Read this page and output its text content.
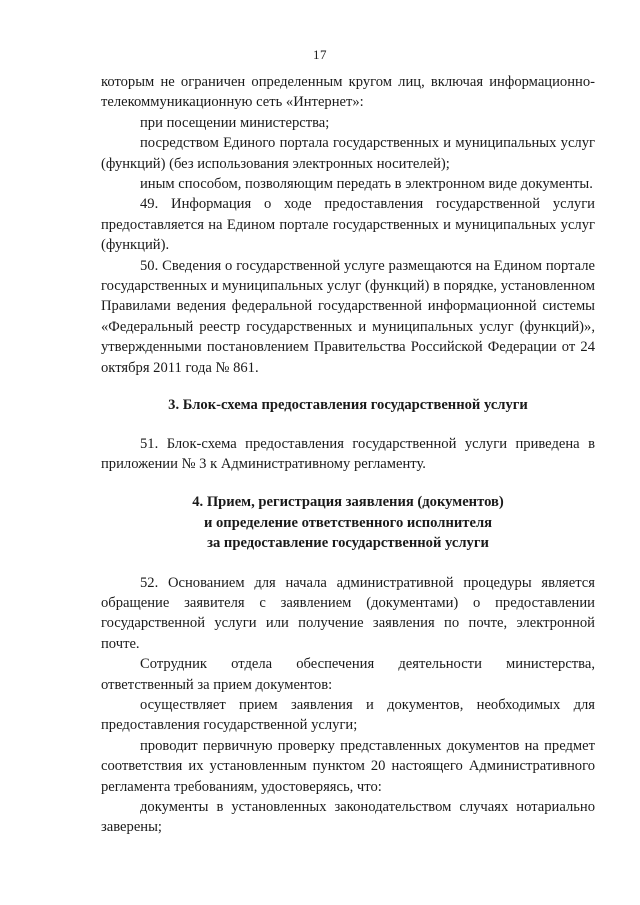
17

которым не ограничен определенным кругом лиц, включая информационно-телекоммуникационную сеть «Интернет»:

при посещении министерства;

посредством Единого портала государственных и муниципальных услуг (функций) (без использования электронных носителей);

иным способом, позволяющим передать в электронном виде документы.

49. Информация о ходе предоставления государственной услуги предоставляется на Едином портале государственных и муниципальных услуг (функций).

50. Сведения о государственной услуге размещаются на Едином портале государственных и муниципальных услуг (функций) в порядке, установленном Правилами ведения федеральной государственной информационной системы «Федеральный реестр государственных и муниципальных услуг (функций)», утвержденными постановлением Правительства Российской Федерации от 24 октября 2011 года № 861.

3. Блок-схема предоставления государственной услуги

51. Блок-схема предоставления государственной услуги приведена в приложении № 3 к Административному регламенту.

4. Прием, регистрация заявления (документов)
и определение ответственного исполнителя
за предоставление государственной услуги

52. Основанием для начала административной процедуры является обращение заявителя с заявлением (документами) о предоставлении государственной услуги или получение заявления по почте, электронной почте.

Сотрудник отдела обеспечения деятельности министерства, ответственный за прием документов:

осуществляет прием заявления и документов, необходимых для предоставления государственной услуги;

проводит первичную проверку представленных документов на предмет соответствия их установленным пунктом 20 настоящего Административного регламента требованиям, удостоверяясь, что:

документы в установленных законодательством случаях нотариально заверены;
